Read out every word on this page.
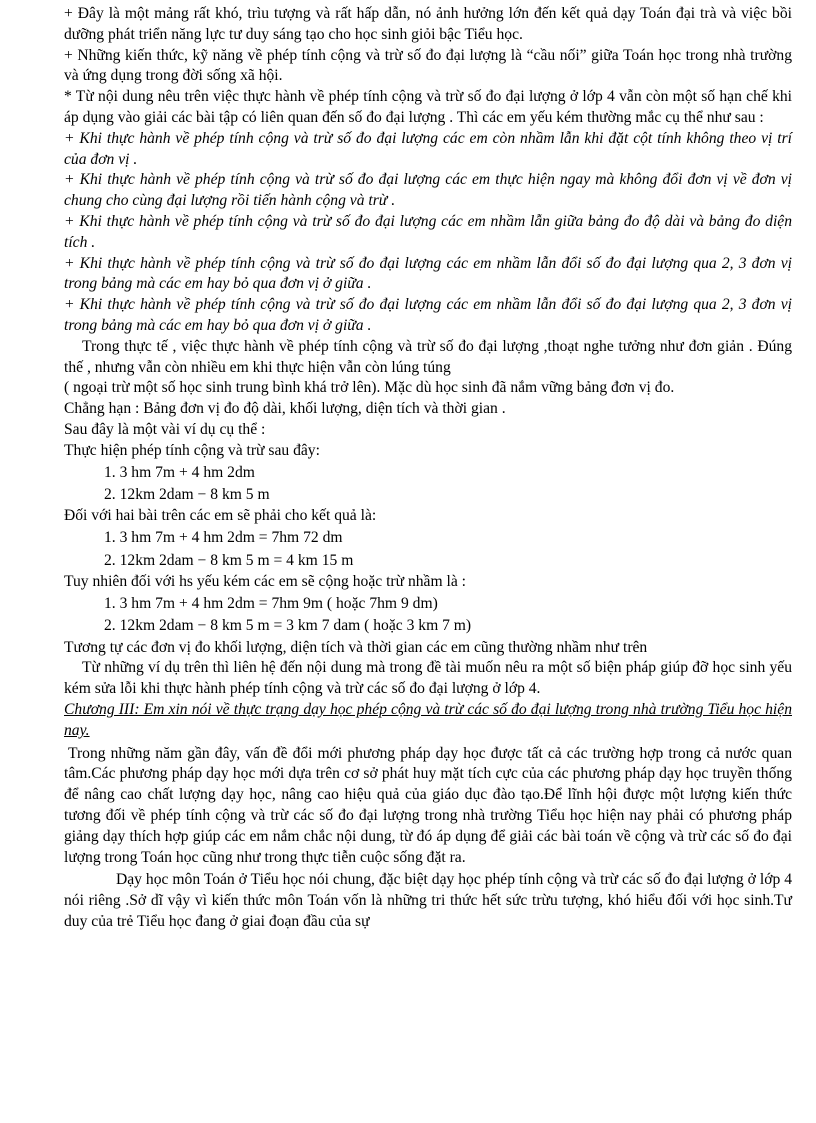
+ Đây là một mảng rất khó, trìu tượng và rất hấp dẫn, nó ảnh hưởng lớn đến kết quả dạy Toán đại trà và việc bồi dưỡng phát triển năng lực tư duy sáng tạo cho học sinh giỏi bậc Tiểu học.

+ Những kiến thức, kỹ năng về phép tính cộng và trừ số đo đại lượng là “cầu nối” giữa Toán học trong nhà trường và ứng dụng trong đời sống xã hội.

* Từ nội dung nêu trên việc thực hành về phép tính cộng và trừ số đo đại lượng ở lớp 4 vẫn còn một số hạn chế khi áp dụng vào giải các bài tập có liên quan đến số đo đại lượng . Thì các em yếu kém thường mắc cụ thể như sau :

+ Khi thực hành về phép tính cộng và trừ số đo đại lượng các em còn nhầm lẫn khi đặt cột tính không theo vị trí của đơn vị .

+ Khi thực hành về phép tính cộng và trừ số đo đại lượng các em thực hiện ngay mà không đổi đơn vị về đơn vị chung cho cùng đại lượng rồi tiến hành cộng và trừ .

+ Khi thực hành về phép tính cộng và trừ số đo đại lượng các em nhầm lẫn giữa bảng đo độ dài và bảng đo diện tích .

+ Khi thực hành về phép tính cộng và trừ số đo đại lượng các em nhầm lẫn đổi số đo đại lượng qua 2, 3 đơn vị trong bảng mà các em hay bỏ qua đơn vị ở giữa .

+ Khi thực hành về phép tính cộng và trừ số đo đại lượng các em nhầm lẫn đổi số đo đại lượng qua 2, 3 đơn vị trong bảng mà các em hay bỏ qua đơn vị ở giữa .

Trong thực tế , việc thực hành về phép tính cộng và trừ số đo đại lượng ,thoạt nghe tưởng như đơn giản . Đúng thế , nhưng vẫn còn nhiều em khi thực hiện vẫn còn lúng túng

( ngoại trừ một số học sinh trung bình khá trở lên). Mặc dù học sinh đã nắm vững bảng đơn vị đo.

Chẳng hạn : Bảng đơn vị đo độ dài, khối lượng, diện tích và thời gian .

Sau đây là một vài ví dụ cụ thể :

Thực hiện phép tính cộng và trừ sau đây:

1. 3 hm 7m + 4 hm 2dm

2. 12km 2dam − 8 km 5 m

Đối với hai bài trên các em sẽ phải cho kết quả là:

1. 3 hm 7m + 4 hm 2dm = 7hm 72 dm

2. 12km 2dam − 8 km 5 m = 4 km 15 m

Tuy nhiên đối với hs yếu kém các em sẽ cộng hoặc trừ nhầm là :

1. 3 hm 7m + 4 hm 2dm = 7hm 9m ( hoặc 7hm 9 dm)

2. 12km 2dam − 8 km 5 m = 3 km 7 dam ( hoặc 3 km 7 m)

Tương tự các đơn vị đo khối lượng, diện tích và thời gian các em cũng thường nhầm như trên

Từ những ví dụ trên thì liên hệ đến nội dung mà trong đề tài muốn nêu ra một số biện pháp giúp đỡ học sinh yếu kém sửa lỗi khi thực hành phép tính cộng và trừ các số đo đại lượng ở lớp 4.

Chương III: Em xin nói về thực trạng dạy học phép cộng và trừ các số đo đại lượng trong nhà trường Tiểu học hiện nay.

Trong những năm gần đây, vấn đề đổi mới phương pháp dạy học được tất cả các trường hợp trong cả nước quan tâm.Các phương pháp dạy học mới dựa trên cơ sở phát huy mặt tích cực của các phương pháp dạy học truyền thống để nâng cao chất lượng dạy học, nâng cao hiệu quả của giáo dục đào tạo.Để lĩnh hội được một lượng kiến thức tương đối về phép tính cộng và trừ các số đo đại lượng trong nhà trường Tiểu học hiện nay phải có phương pháp giảng dạy thích hợp giúp các em nắm chắc nội dung, từ đó áp dụng để giải các bài toán về cộng và trừ các số đo đại lượng trong Toán học cũng như trong thực tiễn cuộc sống đặt ra.

Dạy học môn Toán ở Tiểu học nói chung, đặc biệt dạy học phép tính cộng và trừ các số đo đại lượng ở lớp 4 nói riêng .Sở dĩ vậy vì kiến thức môn Toán vốn là những tri thức hết sức trừu tượng, khó hiểu đối với học sinh.Tư duy của trẻ Tiểu học đang ở giai đoạn đầu của sự
